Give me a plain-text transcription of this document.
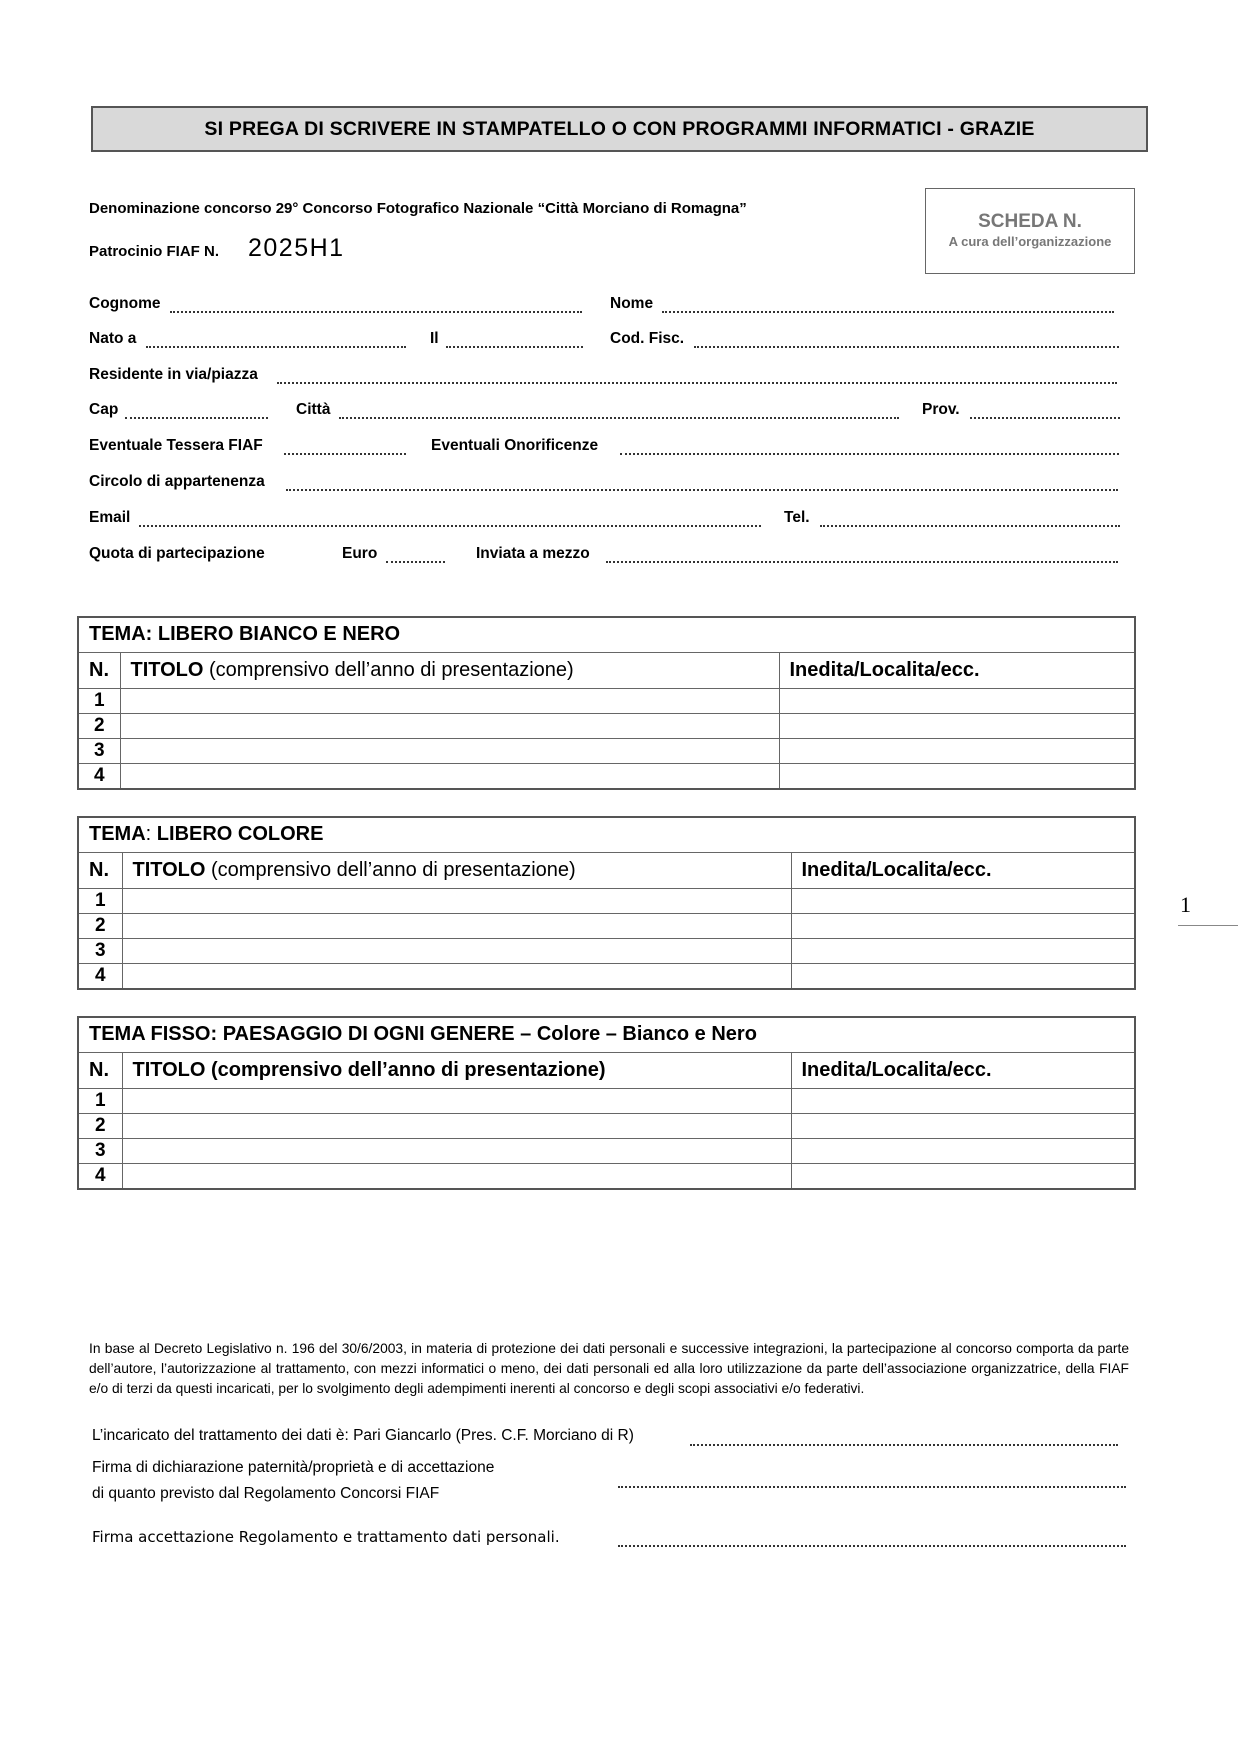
SI PREGA DI SCRIVERE IN STAMPATELLO O CON PROGRAMMI INFORMATICI - GRAZIE
SCHEDA N.
A cura dell’organizzazione
Denominazione concorso 29° Concorso Fotografico Nazionale “Città Morciano di Romagna”
Patrocinio FIAF N. 2025H1
Cognome	Nome
Nato a	Il	Cod. Fisc.
Residente in via/piazza
Cap	Città	Prov.
Eventuale Tessera FIAF	Eventuali Onorificenze
Circolo di appartenenza
Email	Tel.
Quota di partecipazione	Euro	Inviata a mezzo
TEMA: LIBERO BIANCO E NERO		
N.	TITOLO (comprensivo dell’anno di presentazione)	Inedita/Localita/ecc.
1		
2		
3		
4		
TEMA: LIBERO COLORE		
N.	TITOLO (comprensivo dell’anno di presentazione)	Inedita/Localita/ecc.
1		
2		
3		
4		
TEMA FISSO: PAESAGGIO DI OGNI GENERE – Colore – Bianco e Nero		
N.	TITOLO (comprensivo dell’anno di presentazione)	Inedita/Localita/ecc.
1		
2		
3		
4		
1
In base al Decreto Legislativo n. 196 del 30/6/2003, in materia di protezione dei dati personali e successive integrazioni, la partecipazione al concorso comporta da parte dell’autore, l’autorizzazione al trattamento, con mezzi informatici o meno, dei dati personali ed alla loro utilizzazione da parte dell’associazione organizzatrice, della FIAF e/o di terzi da questi incaricati, per lo svolgimento degli adempimenti inerenti al concorso e degli scopi associativi e/o federativi.
L’incaricato del trattamento dei dati è: Pari Giancarlo (Pres. C.F. Morciano di R)
Firma di dichiarazione paternità/proprietà e di accettazione
di quanto previsto dal Regolamento Concorsi FIAF
Firma accettazione Regolamento e trattamento dati personali.
